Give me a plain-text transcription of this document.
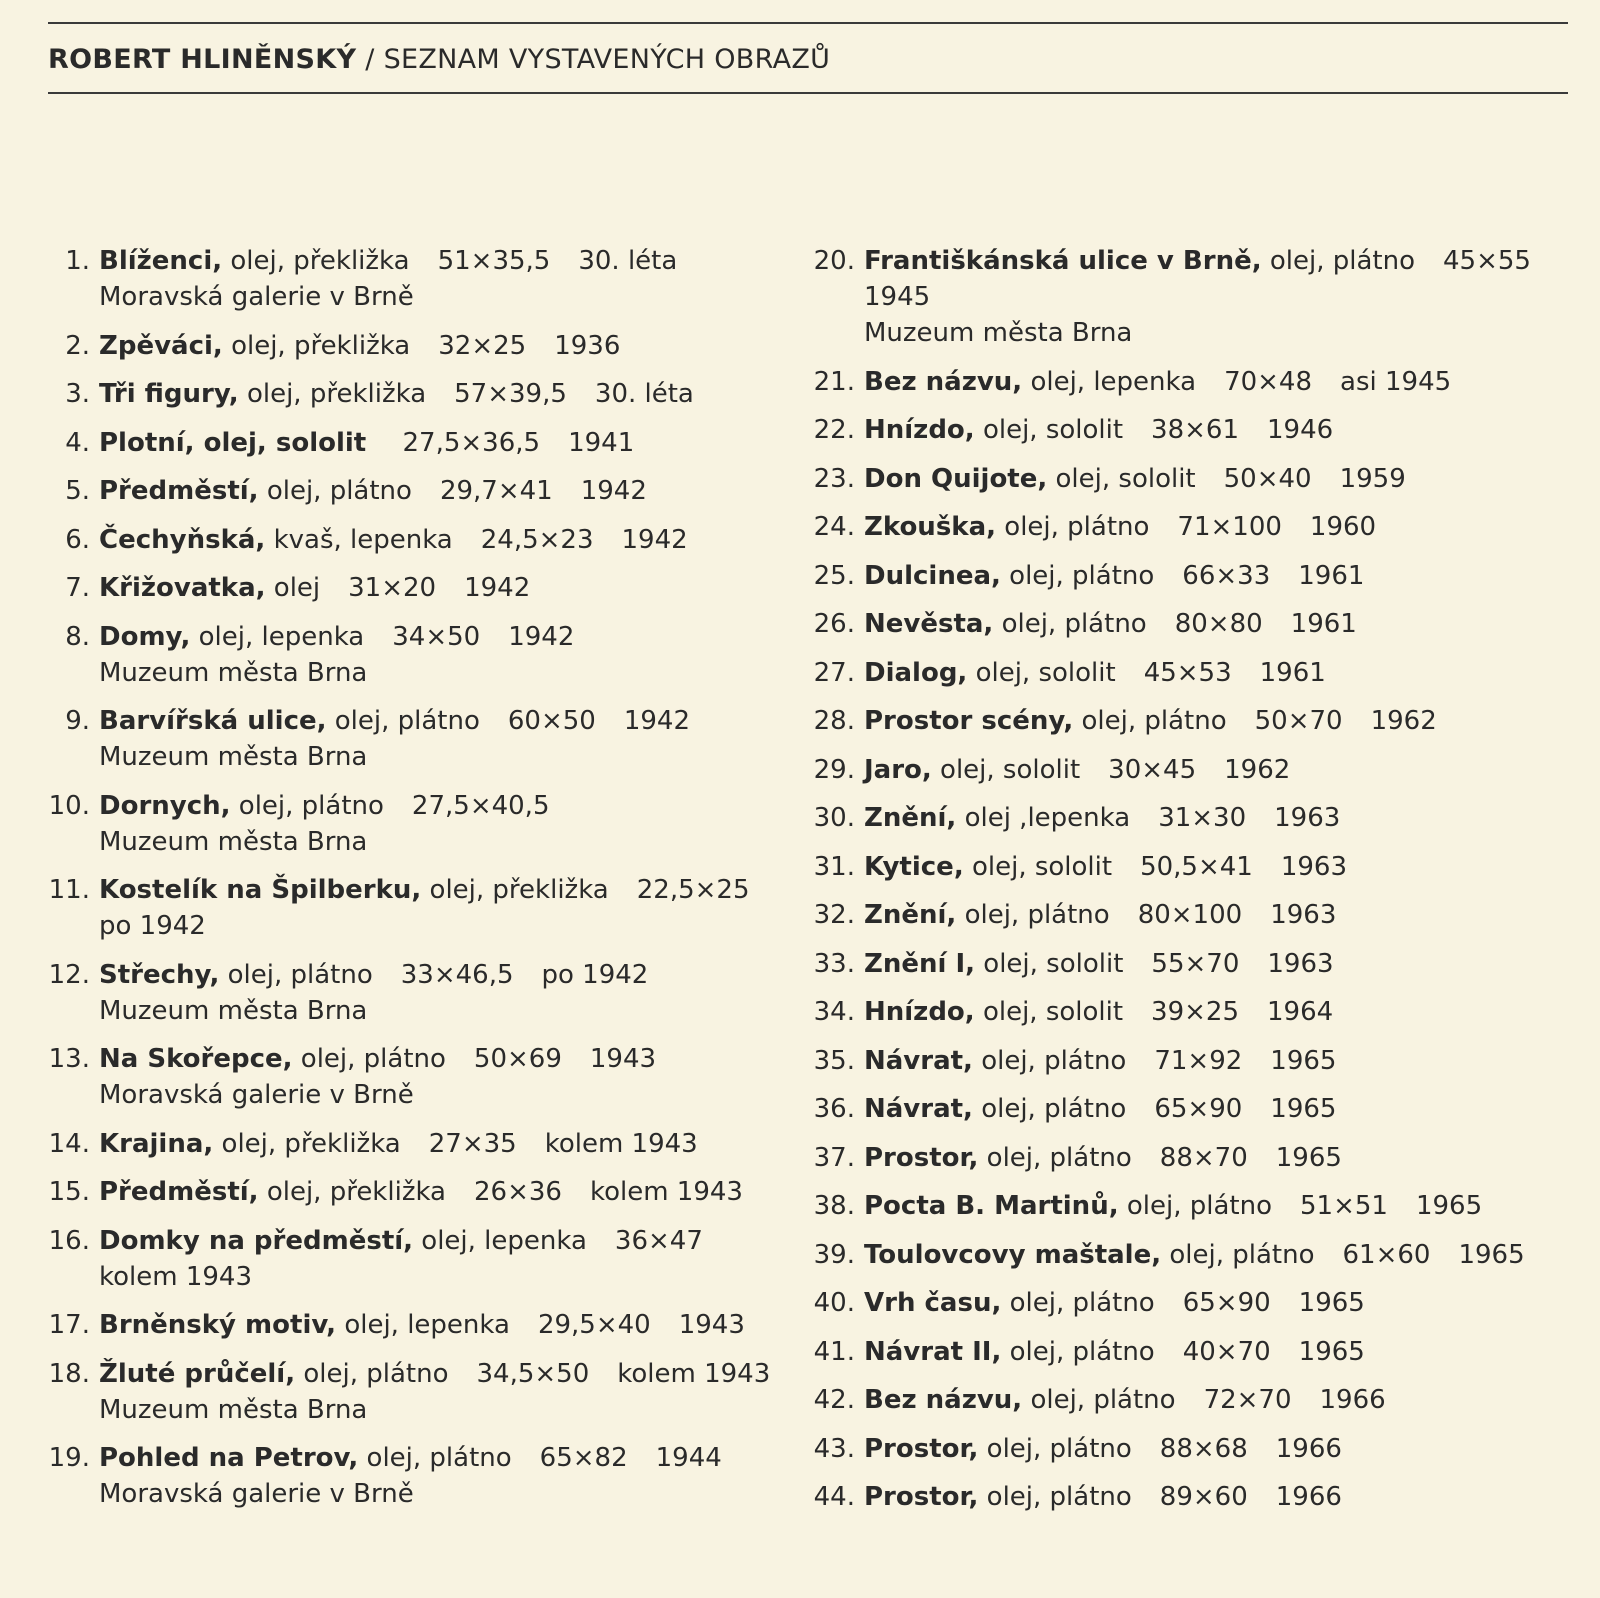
ROBERT HLINĚNSKÝ / SEZNAM VYSTAVENÝCH OBRAZŮ
1. Blíženci, olej, překližka 51×35,5 30. léta
Moravská galerie v Brně
2. Zpěváci, olej, překližka 32×25 1936
3. Tři figury, olej, překližka 57×39,5 30. léta
4. Plotní, olej, sololit 27,5×36,5 1941
5. Předměstí, olej, plátno 29,7×41 1942
6. Čechyňská, kvaš, lepenka 24,5×23 1942
7. Křižovatka, olej 31×20 1942
8. Domy, olej, lepenka 34×50 1942
Muzeum města Brna
9. Barvířská ulice, olej, plátno 60×50 1942
Muzeum města Brna
10. Dornych, olej, plátno 27,5×40,5
Muzeum města Brna
11. Kostelík na Špilberku, olej, překližka 22,5×25
po 1942
12. Střechy, olej, plátno 33×46,5 po 1942
Muzeum města Brna
13. Na Skořepce, olej, plátno 50×69 1943
Moravská galerie v Brně
14. Krajina, olej, překližka 27×35 kolem 1943
15. Předměstí, olej, překližka 26×36 kolem 1943
16. Domky na předměstí, olej, lepenka 36×47
kolem 1943
17. Brněnský motiv, olej, lepenka 29,5×40 1943
18. Žluté průčelí, olej, plátno 34,5×50 kolem 1943
Muzeum města Brna
19. Pohled na Petrov, olej, plátno 65×82 1944
Moravská galerie v Brně
20. Františkánská ulice v Brně, olej, plátno 45×55
1945
Muzeum města Brna
21. Bez názvu, olej, lepenka 70×48 asi 1945
22. Hnízdo, olej, sololit 38×61 1946
23. Don Quijote, olej, sololit 50×40 1959
24. Zkouška, olej, plátno 71×100 1960
25. Dulcinea, olej, plátno 66×33 1961
26. Nevěsta, olej, plátno 80×80 1961
27. Dialog, olej, sololit 45×53 1961
28. Prostor scény, olej, plátno 50×70 1962
29. Jaro, olej, sololit 30×45 1962
30. Znění, olej ,lepenka 31×30 1963
31. Kytice, olej, sololit 50,5×41 1963
32. Znění, olej, plátno 80×100 1963
33. Znění I, olej, sololit 55×70 1963
34. Hnízdo, olej, sololit 39×25 1964
35. Návrat, olej, plátno 71×92 1965
36. Návrat, olej, plátno 65×90 1965
37. Prostor, olej, plátno 88×70 1965
38. Pocta B. Martinů, olej, plátno 51×51 1965
39. Toulovcovy maštale, olej, plátno 61×60 1965
40. Vrh času, olej, plátno 65×90 1965
41. Návrat II, olej, plátno 40×70 1965
42. Bez názvu, olej, plátno 72×70 1966
43. Prostor, olej, plátno 88×68 1966
44. Prostor, olej, plátno 89×60 1966
